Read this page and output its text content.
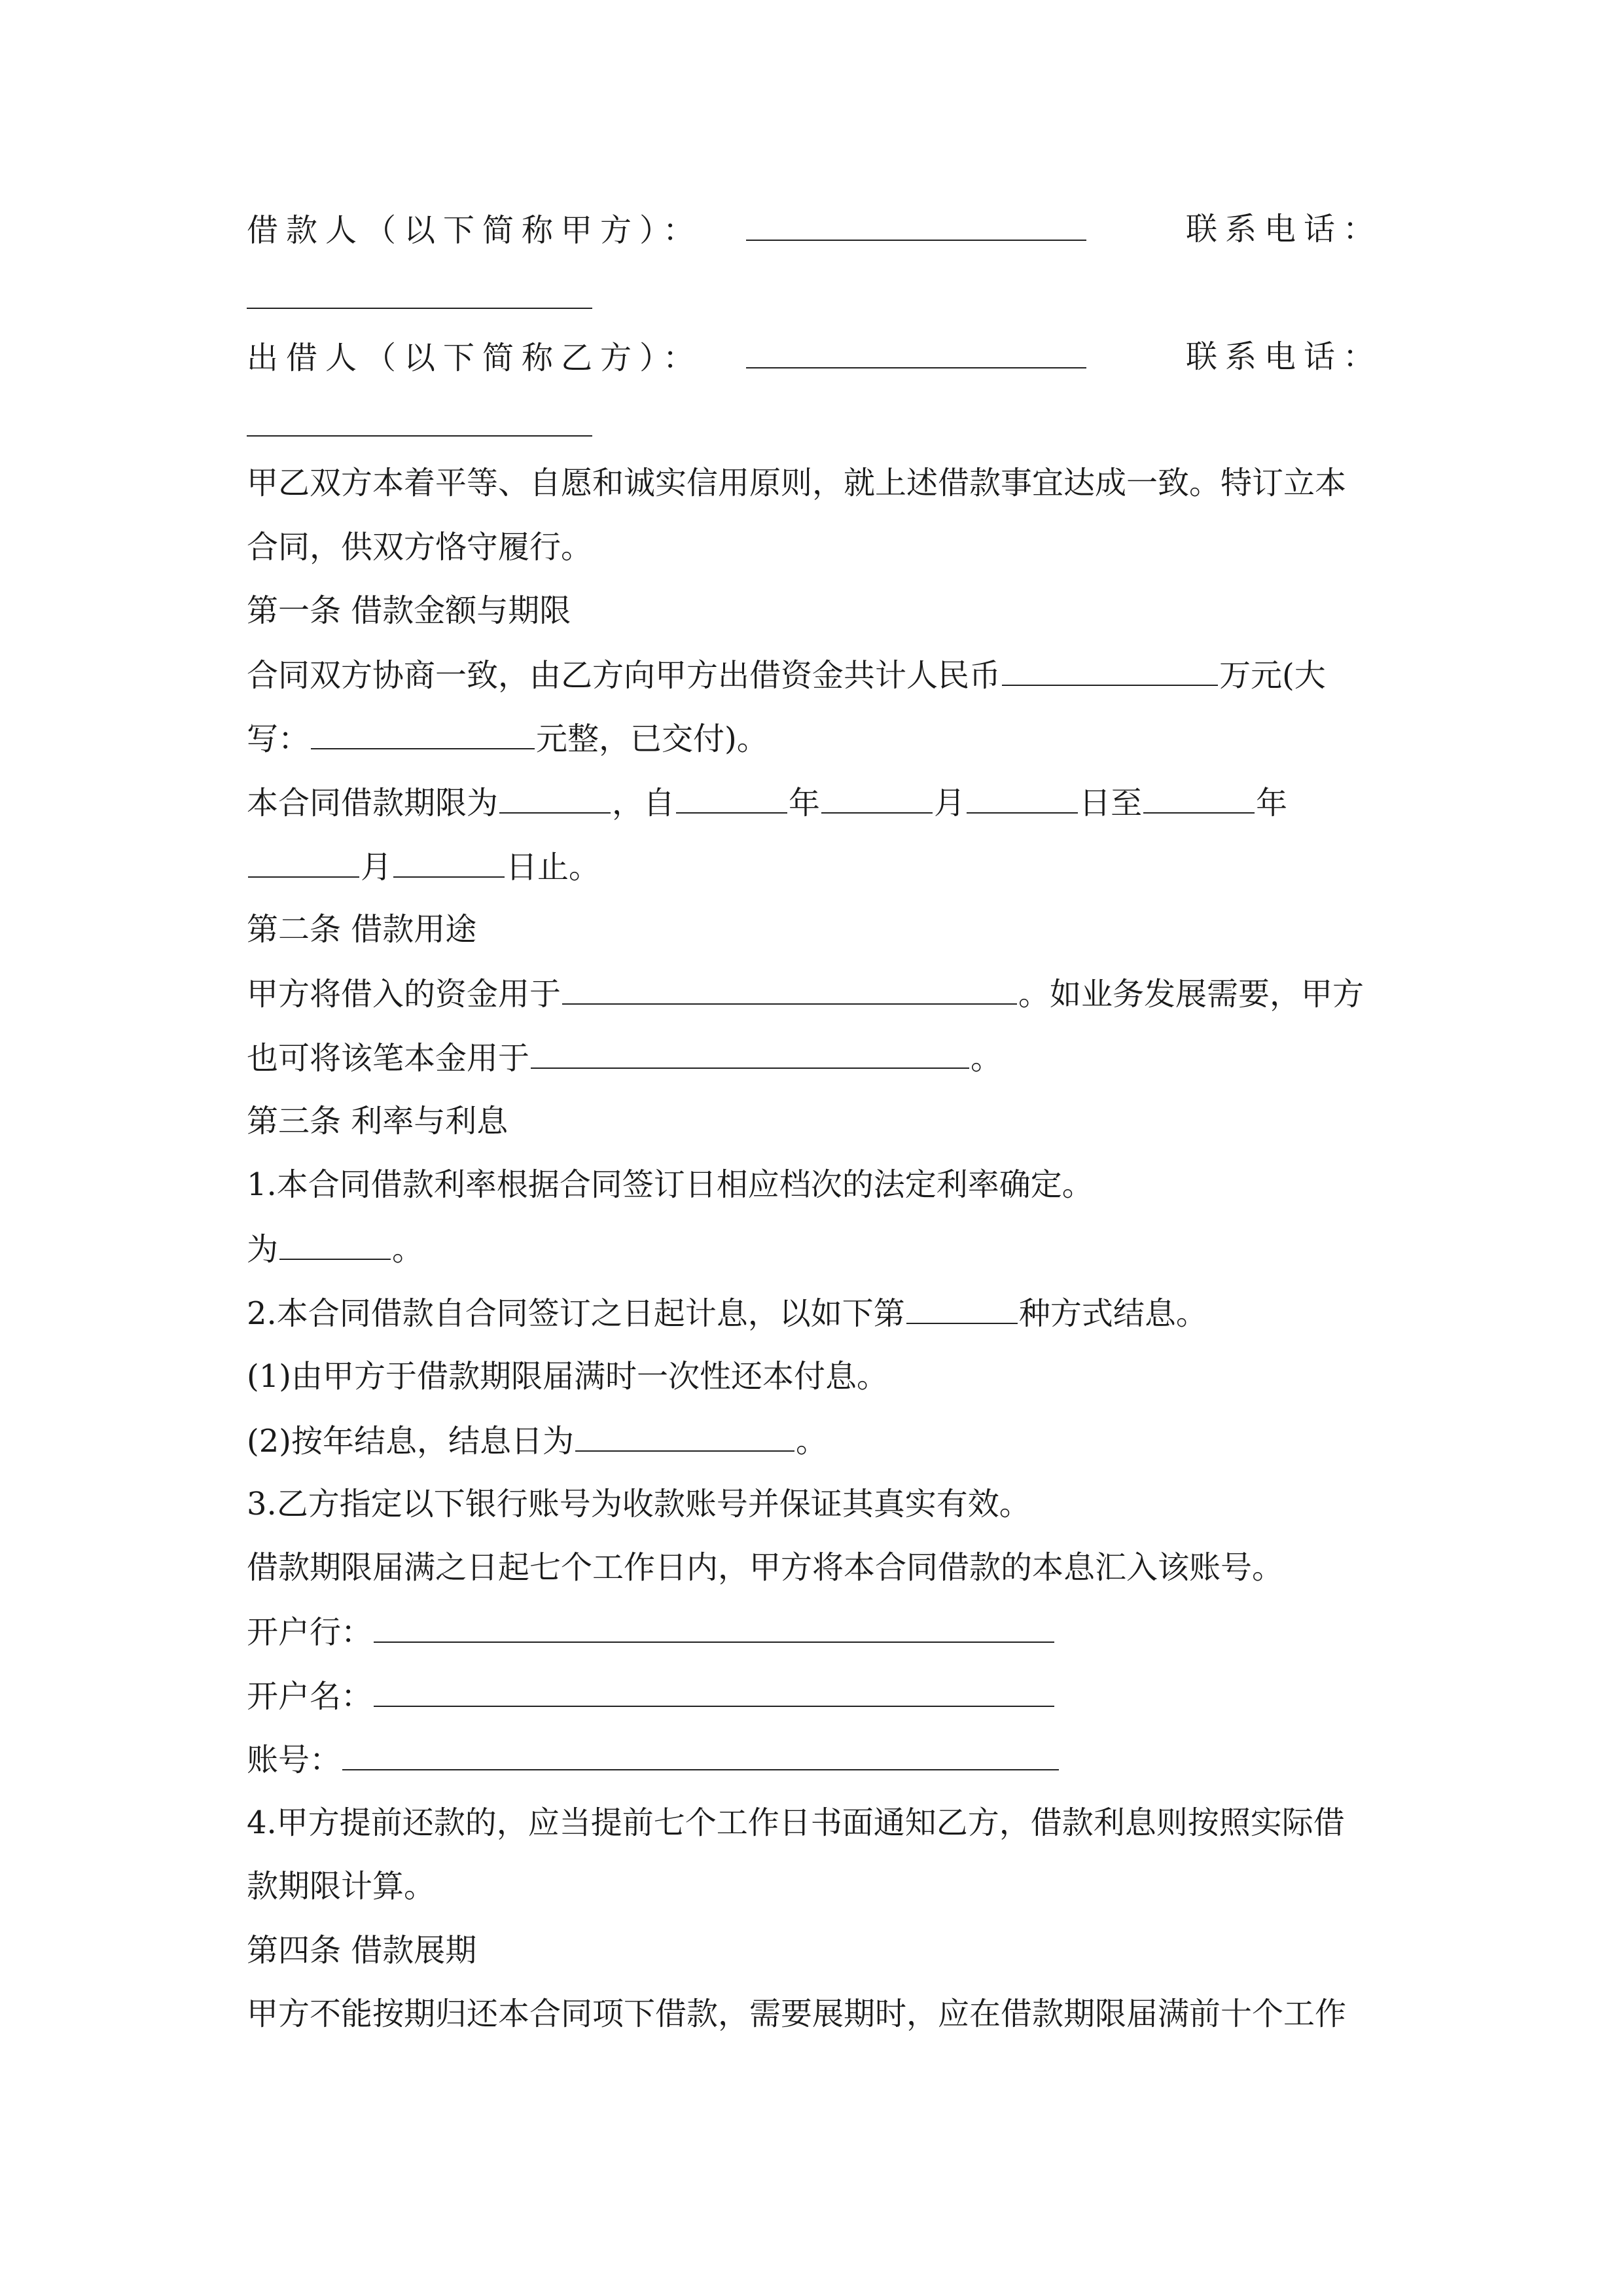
借款人（以下简称甲方）：	联系电话：
出借人（以下简称乙方）：	联系电话：
甲乙双方本着平等、自愿和诚实信用原则，就上述借款事宜达成一致。特订立本
合同，供双方恪守履行。
第一条 借款金额与期限
合同双方协商一致，由乙方向甲方出借资金共计人民币	万元(大
写：	元整，已交付)。
本合同借款期限为	，自	年	月	日至	年
月	日止。
第二条 借款用途
甲方将借入的资金用于	。如业务发展需要，甲方
也可将该笔本金用于	。
第三条 利率与利息
1.本合同借款利率根据合同签订日相应档次的法定利率确定。
为	。
2.本合同借款自合同签订之日起计息，以如下第	种方式结息。
(1)由甲方于借款期限届满时一次性还本付息。
(2)按年结息，结息日为	。
3.乙方指定以下银行账号为收款账号并保证其真实有效。
借款期限届满之日起七个工作日内，甲方将本合同借款的本息汇入该账号。
开户行：
开户名：
账号：
4.甲方提前还款的，应当提前七个工作日书面通知乙方，借款利息则按照实际借
款期限计算。
第四条 借款展期
甲方不能按期归还本合同项下借款，需要展期时，应在借款期限届满前十个工作
